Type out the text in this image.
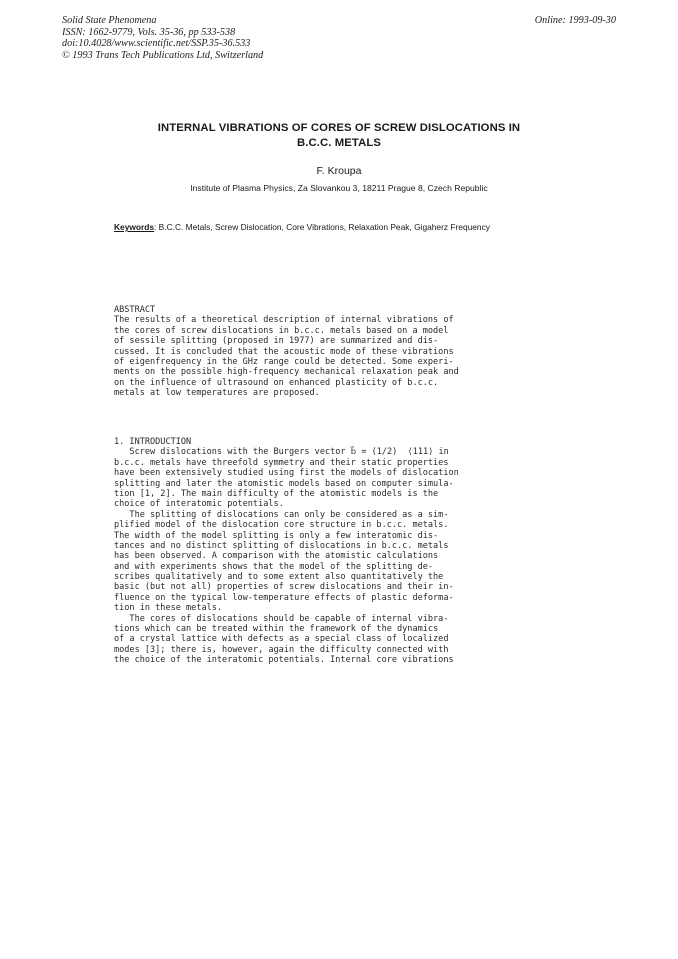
Solid State Phenomena
ISSN: 1662-9779, Vols. 35-36, pp 533-538
doi:10.4028/www.scientific.net/SSP.35-36.533
© 1993 Trans Tech Publications Ltd, Switzerland
Online: 1993-09-30
INTERNAL VIBRATIONS OF CORES OF SCREW DISLOCATIONS IN
B.C.C. METALS
F. Kroupa
Institute of Plasma Physics, Za Slovankou 3, 18211 Prague 8, Czech Republic
Keywords: B.C.C. Metals, Screw Dislocation, Core Vibrations, Relaxation Peak, Gigaherz Frequency
ABSTRACT
The results of a theoretical description of internal vibrations of
the cores of screw dislocations in b.c.c. metals based on a model
of sessile splitting (proposed in 1977) are summarized and dis-
cussed. It is concluded that the acoustic mode of these vibrations
of eigenfrequency in the GHz range could be detected. Some experi-
ments on the possible high-frequency mechanical relaxation peak and
on the influence of ultrasound on enhanced plasticity of b.c.c.
metals at low temperatures are proposed.
1. INTRODUCTION
Screw dislocations with the Burgers vector b⃗ = (1/2)  ⟨111⟩ in
b.c.c. metals have threefold symmetry and their static properties
have been extensively studied using first the models of dislocation
splitting and later the atomistic models based on computer simula-
tion [1, 2]. The main difficulty of the atomistic models is the
choice of interatomic potentials.
The splitting of dislocations can only be considered as a sim-
plified model of the dislocation core structure in b.c.c. metals.
The width of the model splitting is only a few interatomic dis-
tances and no distinct splitting of dislocations in b.c.c. metals
has been observed. A comparison with the atomistic calculations
and with experiments shows that the model of the splitting de-
scribes qualitatively and to some extent also quantitatively the
basic (but not all) properties of screw dislocations and their in-
fluence on the typical low-temperature effects of plastic deforma-
tion in these metals.
The cores of dislocations should be capable of internal vibra-
tions which can be treated within the framework of the dynamics
of a crystal lattice with defects as a special class of localized
modes [3]; there is, however, again the difficulty connected with
the choice of the interatomic potentials. Internal core vibrations
